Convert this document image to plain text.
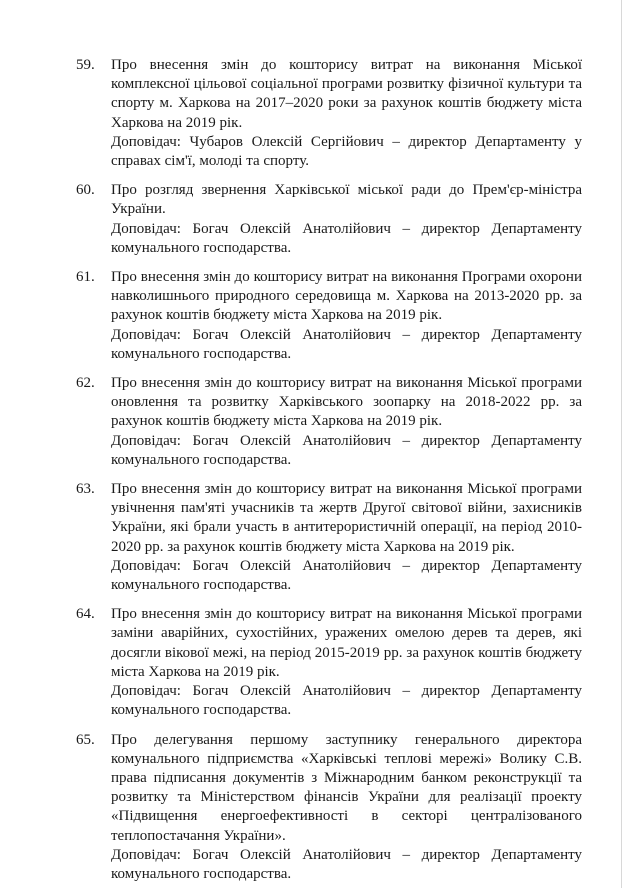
59.	Про внесення змін до кошторису витрат на виконання Міської комплексної цільової соціальної програми розвитку фізичної культури та спорту м. Харкова на 2017–2020 роки за рахунок коштів бюджету міста Харкова на 2019 рік.

Доповідач: Чубаров Олексій Сергійович – директор Департаменту у справах сім'ї, молоді та спорту.

60.	Про розгляд звернення Харківської міської ради до Прем'єр-міністра України.

Доповідач: Богач Олексій Анатолійович – директор Департаменту комунального господарства.

61.	Про внесення змін до кошторису витрат на виконання Програми охорони навколишнього природного середовища м. Харкова на 2013-2020 рр. за рахунок коштів бюджету міста Харкова на 2019 рік.

Доповідач: Богач Олексій Анатолійович – директор Департаменту комунального господарства.

62.	Про внесення змін до кошторису витрат на виконання Міської програми оновлення та розвитку Харківського зоопарку на 2018-2022 рр. за рахунок коштів бюджету міста Харкова на 2019 рік.

Доповідач: Богач Олексій Анатолійович – директор Департаменту комунального господарства.

63.	Про внесення змін до кошторису витрат на виконання Міської програми увічнення пам'яті учасників та жертв Другої світової війни, захисників України, які брали участь в антитерористичній операції, на період 2010-2020 рр. за рахунок коштів бюджету міста Харкова на 2019 рік.

Доповідач: Богач Олексій Анатолійович – директор Департаменту комунального господарства.

64.	Про внесення змін до кошторису витрат на виконання Міської програми заміни аварійних, сухостійних, уражених омелою дерев та дерев, які досягли вікової межі, на період 2015-2019 рр. за рахунок коштів бюджету міста Харкова на 2019 рік.

Доповідач: Богач Олексій Анатолійович – директор Департаменту комунального господарства.

65.	Про делегування першому заступнику генерального директора комунального підприємства «Харківські теплові мережі» Волику С.В. права підписання документів з Міжнародним банком реконструкції та розвитку та Міністерством фінансів України для реалізації проекту «Підвищення енергоефективності в секторі централізованого теплопостачання України».

Доповідач: Богач Олексій Анатолійович – директор Департаменту комунального господарства.
